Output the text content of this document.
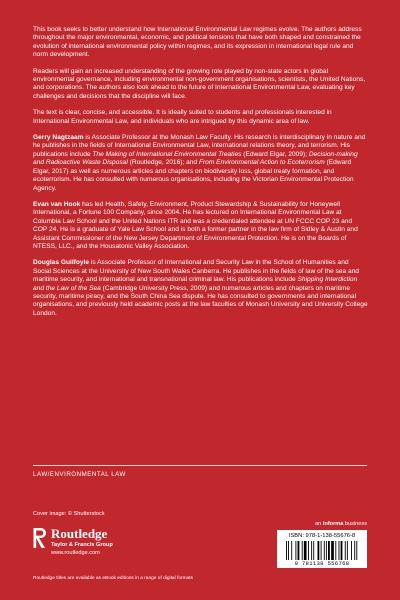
This book seeks to better understand how International Environmental Law regimes evolve. The authors address throughout the major environmental, economic, and political tensions that have both shaped and constrained the evolution of international environmental policy within regimes, and its expression in international legal rule and norm development.

Readers will gain an increased understanding of the growing role played by non-state actors in global environmental governance, including environmental non-government organisations, scientists, the United Nations, and corporations. The authors also look ahead to the future of International Environmental Law, evaluating key challenges and decisions that the discipline will face.

The text is clear, concise, and accessible. It is ideally suited to students and professionals interested in International Environmental Law, and individuals who are intrigued by this dynamic area of law.

Gerry Nagtzaam is Associate Professor at the Monash Law Faculty. His research is interdisciplinary in nature and he publishes in the fields of International Environmental Law, international relations theory, and terrorism. His publications include The Making of International Environmental Treaties (Edward Elgar, 2009); Decision-making and Radioactive Waste Disposal (Routledge, 2016); and From Environmental Action to Ecoterrorism (Edward Elgar, 2017) as well as numerous articles and chapters on biodiversity loss, global treaty formation, and ecoterrorism. He has consulted with numerous organisations, including the Victorian Environmental Protection Agency.

Evan van Hook has led Health, Safety, Environment, Product Stewardship & Sustainability for Honeywell International, a Fortune 100 Company, since 2004. He has lectured on International Environmental Law at Columbia Law School and the United Nations ITR and was a credentialed attendee at UN FCCC COP 23 and COP 24. He is a graduate of Yale Law School and is both a former partner in the law firm of Sidley & Austin and Assistant Commissioner of the New Jersey Department of Environmental Protection. He is on the Boards of NTESS, LLC., and the Housatonic Valley Association.

Douglas Guilfoyle is Associate Professor of International and Security Law in the School of Humanities and Social Sciences at the University of New South Wales Canberra. He publishes in the fields of law of the sea and maritime security, and international and transnational criminal law. His publications include Shipping Interdiction and the Law of the Sea (Cambridge University Press, 2009) and numerous articles and chapters on maritime security, maritime piracy, and the South China Sea dispute. He has consulted to governments and international organisations, and previously held academic posts at the law faculties of Monash University and University College London.

LAW/ENVIRONMENTAL LAW
Cover image: © Shutterstock
an informa business
Routledge
Taylor & Francis Group
www.routledge.com
ISBN: 978-1-138-55676-8
9 781138 556768
Routledge titles are available as eBook editions in a range of digital formats
